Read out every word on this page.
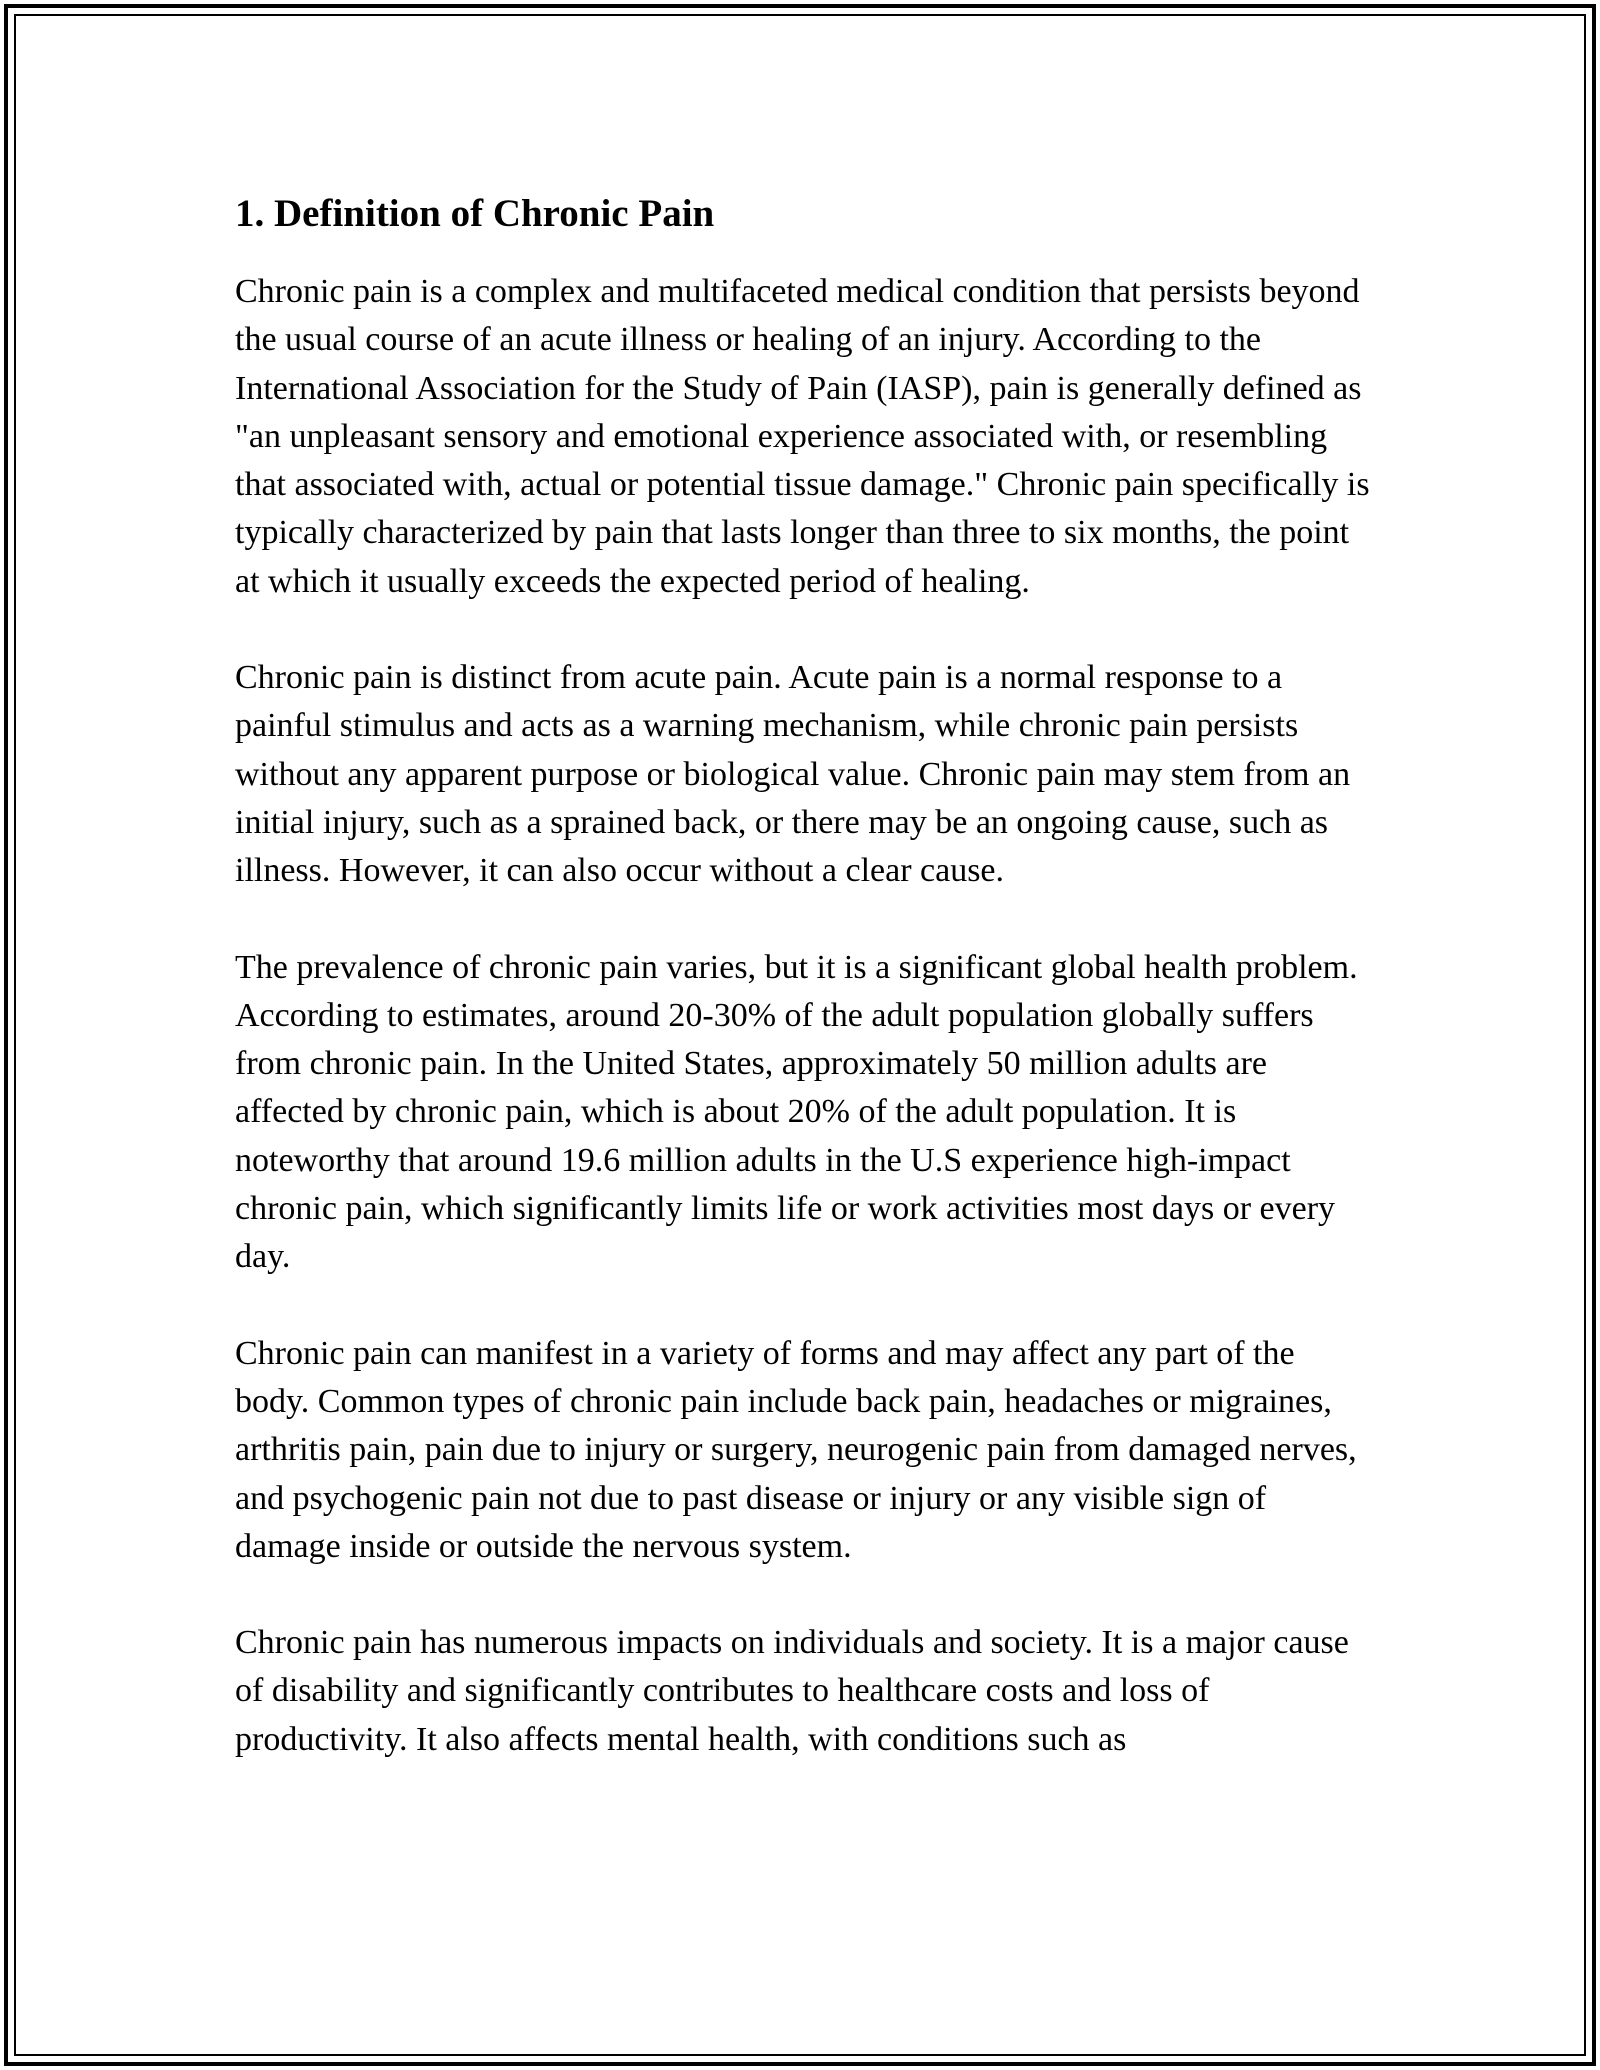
1. Definition of Chronic Pain

Chronic pain is a complex and multifaceted medical condition that persists beyond the usual course of an acute illness or healing of an injury. According to the International Association for the Study of Pain (IASP), pain is generally defined as "an unpleasant sensory and emotional experience associated with, or resembling that associated with, actual or potential tissue damage." Chronic pain specifically is typically characterized by pain that lasts longer than three to six months, the point at which it usually exceeds the expected period of healing.

Chronic pain is distinct from acute pain. Acute pain is a normal response to a painful stimulus and acts as a warning mechanism, while chronic pain persists without any apparent purpose or biological value. Chronic pain may stem from an initial injury, such as a sprained back, or there may be an ongoing cause, such as illness. However, it can also occur without a clear cause.

The prevalence of chronic pain varies, but it is a significant global health problem. According to estimates, around 20-30% of the adult population globally suffers from chronic pain. In the United States, approximately 50 million adults are affected by chronic pain, which is about 20% of the adult population. It is noteworthy that around 19.6 million adults in the U.S experience high-impact chronic pain, which significantly limits life or work activities most days or every day.

Chronic pain can manifest in a variety of forms and may affect any part of the body. Common types of chronic pain include back pain, headaches or migraines, arthritis pain, pain due to injury or surgery, neurogenic pain from damaged nerves, and psychogenic pain not due to past disease or injury or any visible sign of damage inside or outside the nervous system.

Chronic pain has numerous impacts on individuals and society. It is a major cause of disability and significantly contributes to healthcare costs and loss of productivity. It also affects mental health, with conditions such as
